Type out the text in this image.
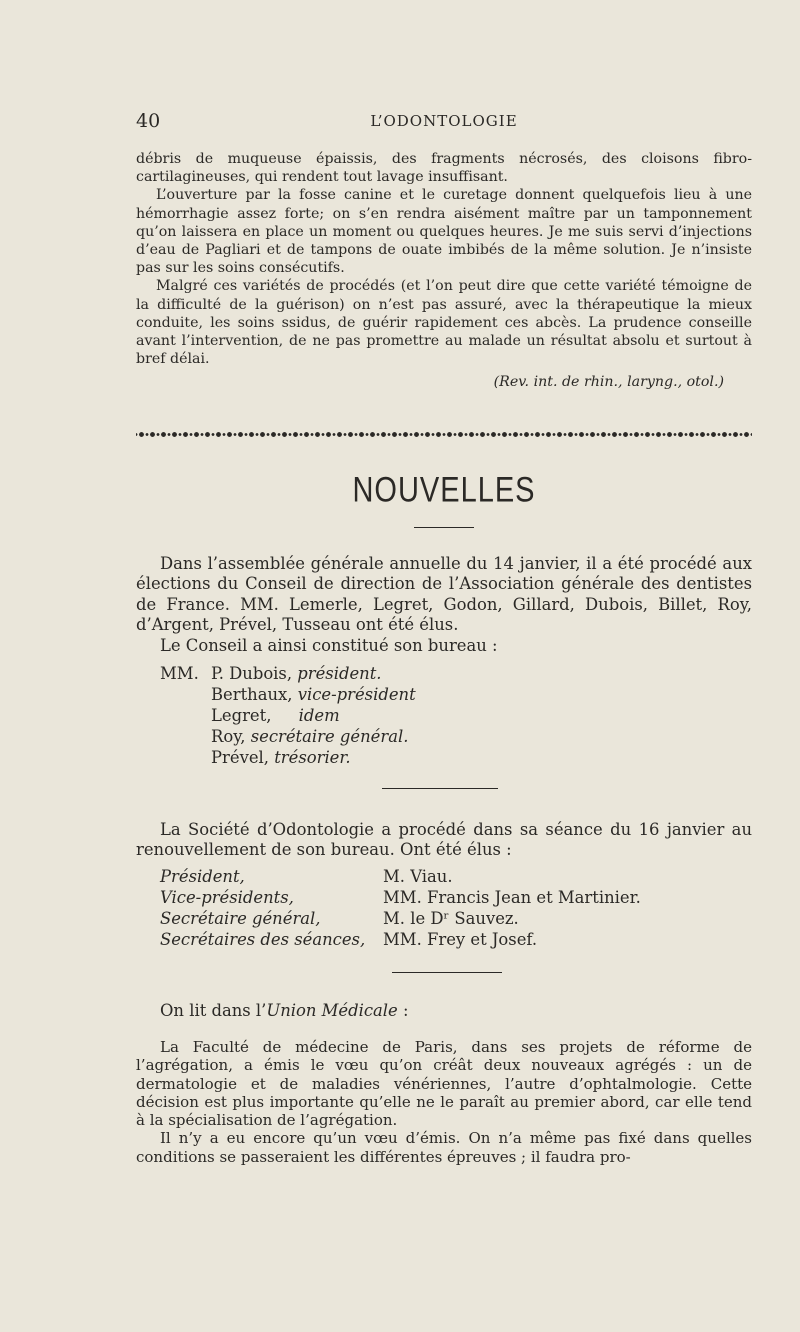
40	L’ODONTOLOGIE

débris de muqueuse épaissis, des fragments nécrosés, des cloisons fibro-cartilagineuses, qui rendent tout lavage insuffisant.

L’ouverture par la fosse canine et le curetage donnent quelquefois lieu à une hémorrhagie assez forte; on s’en rendra aisément maître par un tamponnement qu’on laissera en place un moment ou quelques heures. Je me suis servi d’injections d’eau de Pagliari et de tampons de ouate imbibés de la même solution. Je n’insiste pas sur les soins consécutifs.

Malgré ces variétés de procédés (et l’on peut dire que cette variété témoigne de la difficulté de la guérison) on n’est pas assuré, avec la thérapeutique la mieux conduite, les soins ssidus, de guérir rapidement ces abcès. La prudence conseille avant l’intervention, de ne pas promettre au malade un résultat absolu et surtout à bref délai.

(Rev. int. de rhin., laryng., otol.)
NOUVELLES

Dans l’assemblée générale annuelle du 14 janvier, il a été procédé aux élections du Conseil de direction de l’Association générale des dentistes de France. MM. Lemerle, Legret, Godon, Gillard, Dubois, Billet, Roy, d’Argent, Prével, Tusseau ont été élus.

Le Conseil a ainsi constitué son bureau :

MM. P. Dubois, président.
Berthaux, vice-président
Legret, idem
Roy, secrétaire général.
Prével, trésorier.

La Société d’Odontologie a procédé dans sa séance du 16 janvier au renouvellement de son bureau. Ont été élus :

Président,	M. Viau.
Vice-présidents,	MM. Francis Jean et Martinier.
Secrétaire général,	M. le Dʳ Sauvez.
Secrétaires des séances, MM. Frey et Josef.
On lit dans l’Union Médicale :

La Faculté de médecine de Paris, dans ses projets de réforme de l’agrégation, a émis le vœu qu’on créât deux nouveaux agrégés : un de dermatologie et de maladies vénériennes, l’autre d’ophtalmologie. Cette décision est plus importante qu’elle ne le paraît au premier abord, car elle tend à la spécialisation de l’agrégation.

Il n’y a eu encore qu’un vœu d’émis. On n’a même pas fixé dans quelles conditions se passeraient les différentes épreuves ; il faudra pro-
